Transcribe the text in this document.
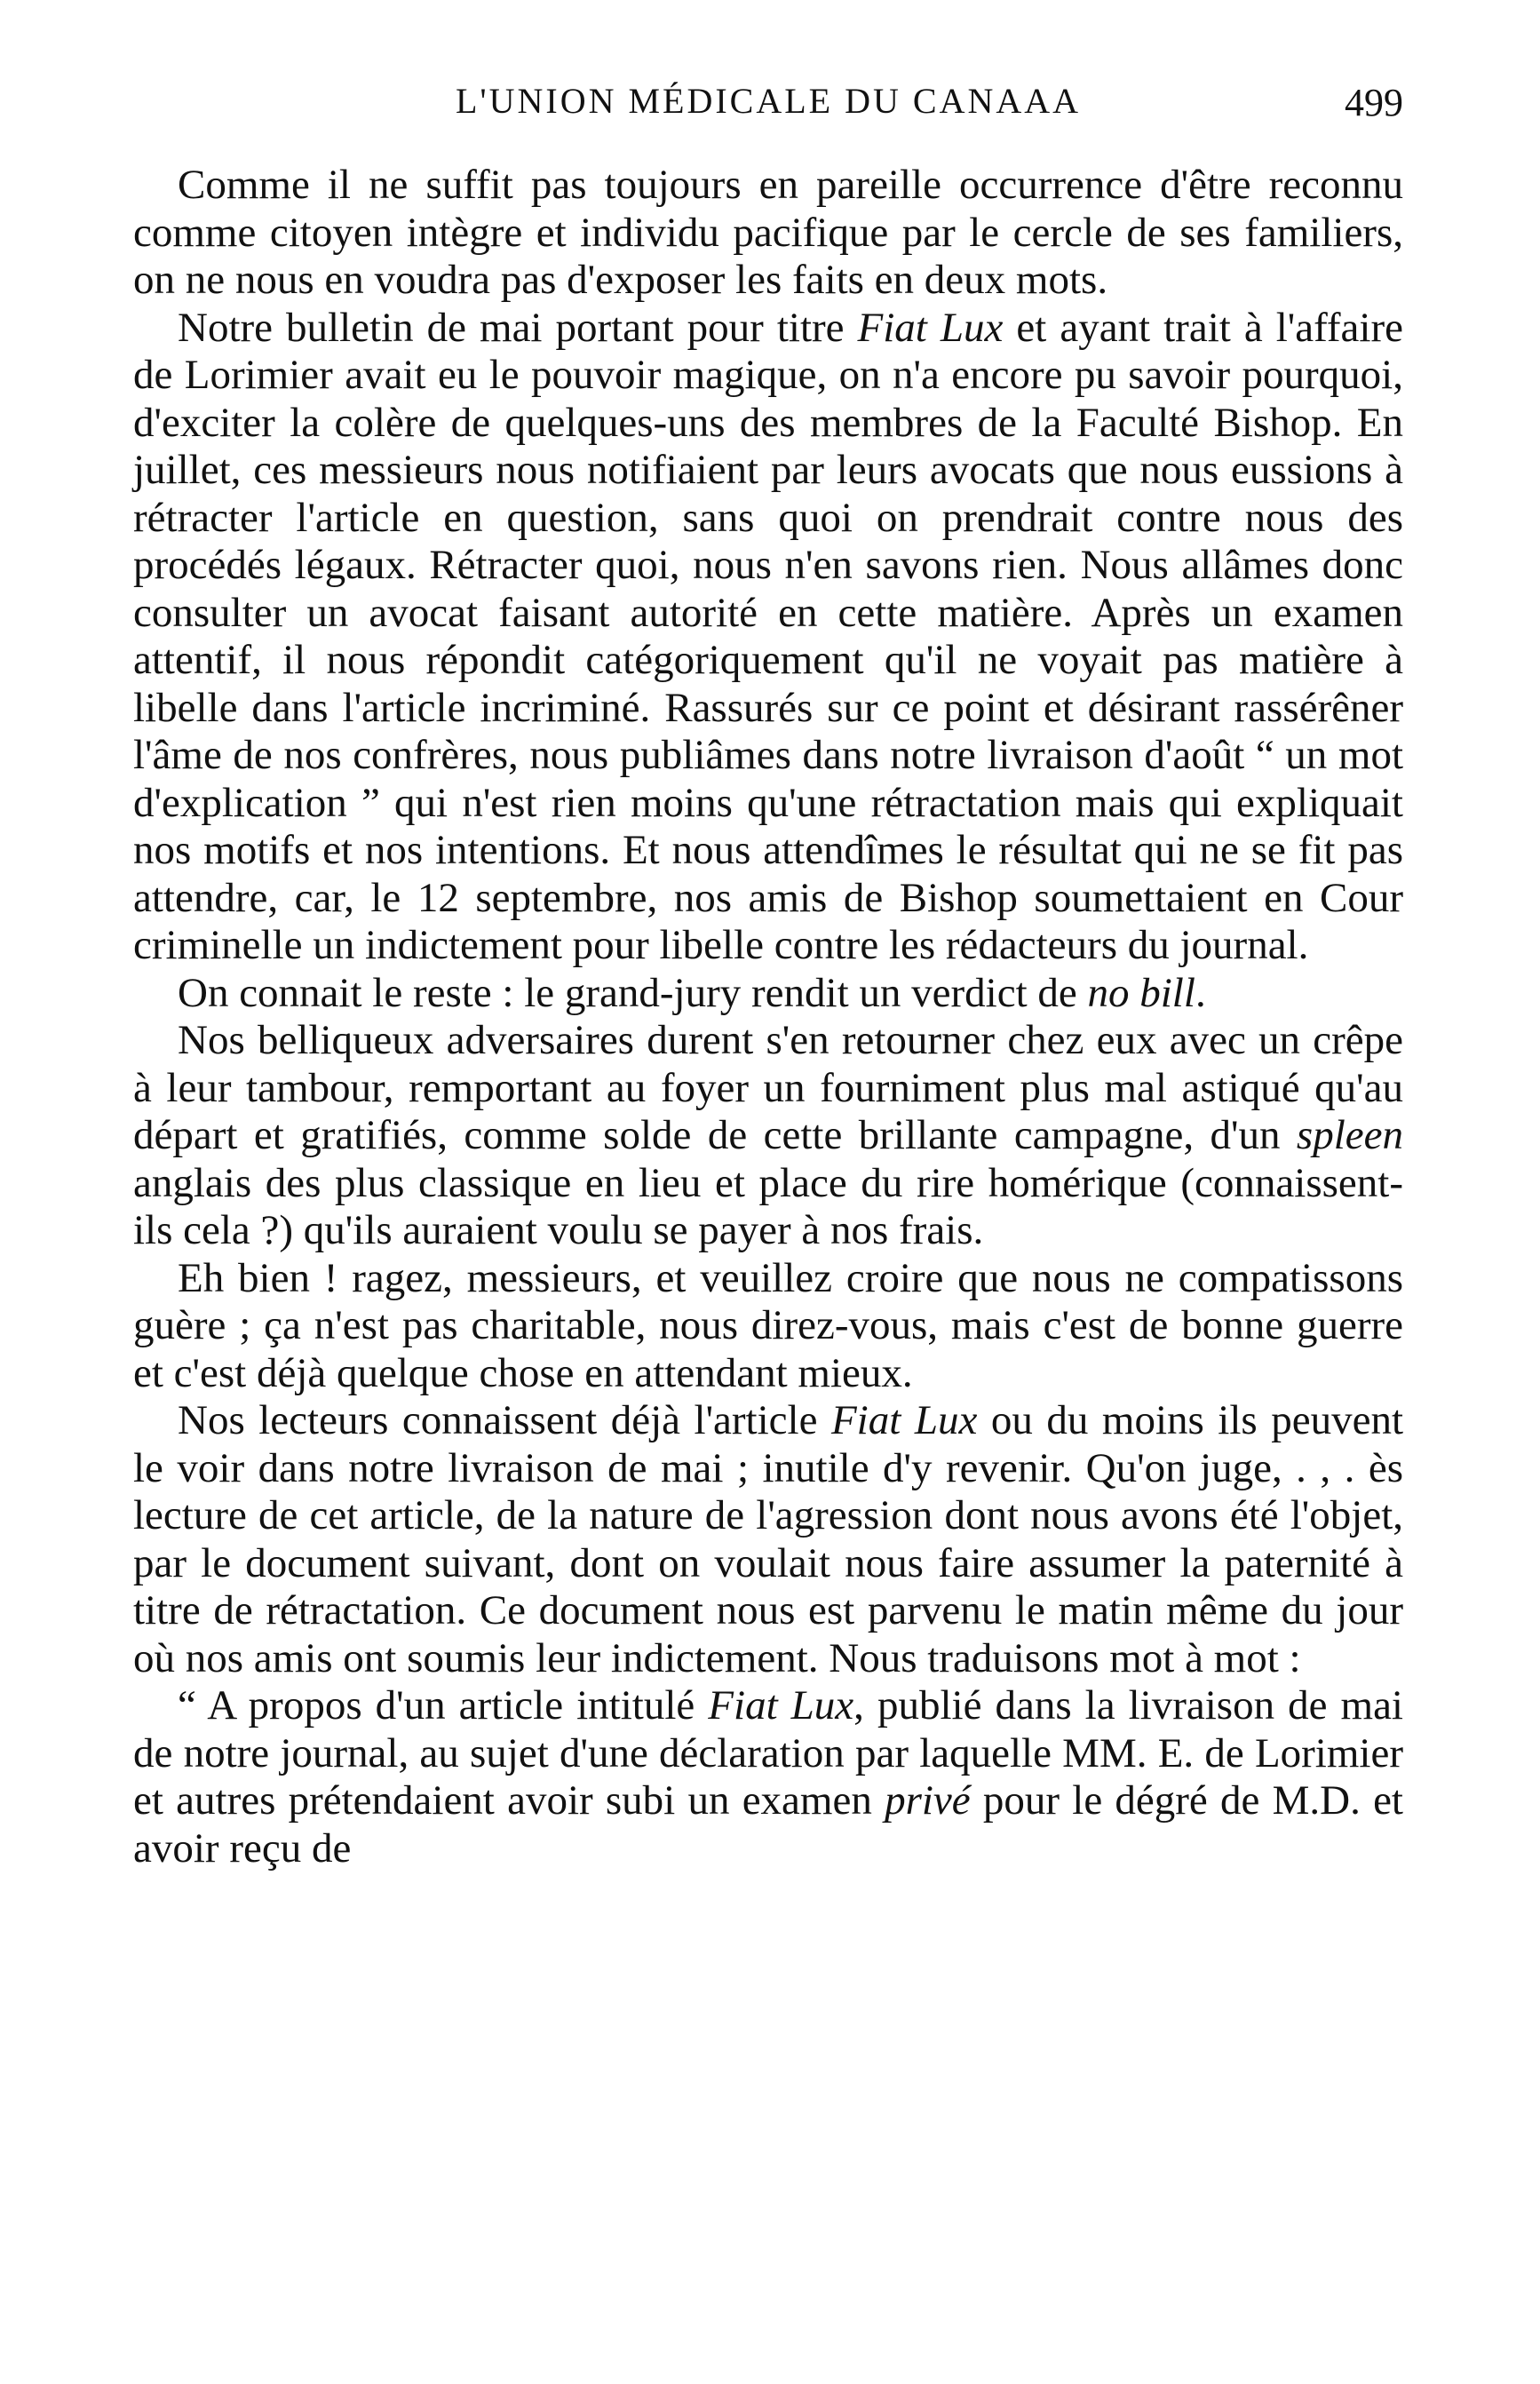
L'UNION MÉDICALE DU CANAAA	499

Comme il ne suffit pas toujours en pareille occurrence d'être reconnu comme citoyen intègre et individu pacifique par le cercle de ses familiers, on ne nous en voudra pas d'exposer les faits en deux mots.

Notre bulletin de mai portant pour titre Fiat Lux et ayant trait à l'affaire de Lorimier avait eu le pouvoir magique, on n'a encore pu savoir pourquoi, d'exciter la colère de quelques-uns des membres de la Faculté Bishop. En juillet, ces messieurs nous notifiaient par leurs avocats que nous eussions à rétracter l'article en question, sans quoi on prendrait contre nous des procédés légaux. Rétracter quoi, nous n'en savons rien. Nous allâmes donc consulter un avocat faisant autorité en cette matière. Après un examen attentif, il nous répondit catégoriquement qu'il ne voyait pas matière à libelle dans l'article incriminé. Rassurés sur ce point et désirant rassérêner l'âme de nos confrères, nous publiâmes dans notre livraison d'août “ un mot d'explication ” qui n'est rien moins qu'une rétractation mais qui expliquait nos motifs et nos intentions. Et nous attendîmes le résultat qui ne se fit pas attendre, car, le 12 septembre, nos amis de Bishop soumettaient en Cour criminelle un indictement pour libelle contre les rédacteurs du journal.

On connait le reste : le grand-jury rendit un verdict de no bill.

Nos belliqueux adversaires durent s'en retourner chez eux avec un crêpe à leur tambour, remportant au foyer un fourniment plus mal astiqué qu'au départ et gratifiés, comme solde de cette brillante campagne, d'un spleen anglais des plus classique en lieu et place du rire homérique (connaissent-ils cela ?) qu'ils auraient voulu se payer à nos frais.

Eh bien ! ragez, messieurs, et veuillez croire que nous ne compatissons guère ; ça n'est pas charitable, nous direz-vous, mais c'est de bonne guerre et c'est déjà quelque chose en attendant mieux.

Nos lecteurs connaissent déjà l'article Fiat Lux ou du moins ils peuvent le voir dans notre livraison de mai ; inutile d'y revenir. Qu'on juge, . , . ès lecture de cet article, de la nature de l'agression dont nous avons été l'objet, par le document suivant, dont on voulait nous faire assumer la paternité à titre de rétractation. Ce document nous est parvenu le matin même du jour où nos amis ont soumis leur indictement. Nous traduisons mot à mot :

“ A propos d'un article intitulé Fiat Lux, publié dans la livraison de mai de notre journal, au sujet d'une déclaration par laquelle MM. E. de Lorimier et autres prétendaient avoir subi un examen privé pour le dégré de M.D. et avoir reçu de
